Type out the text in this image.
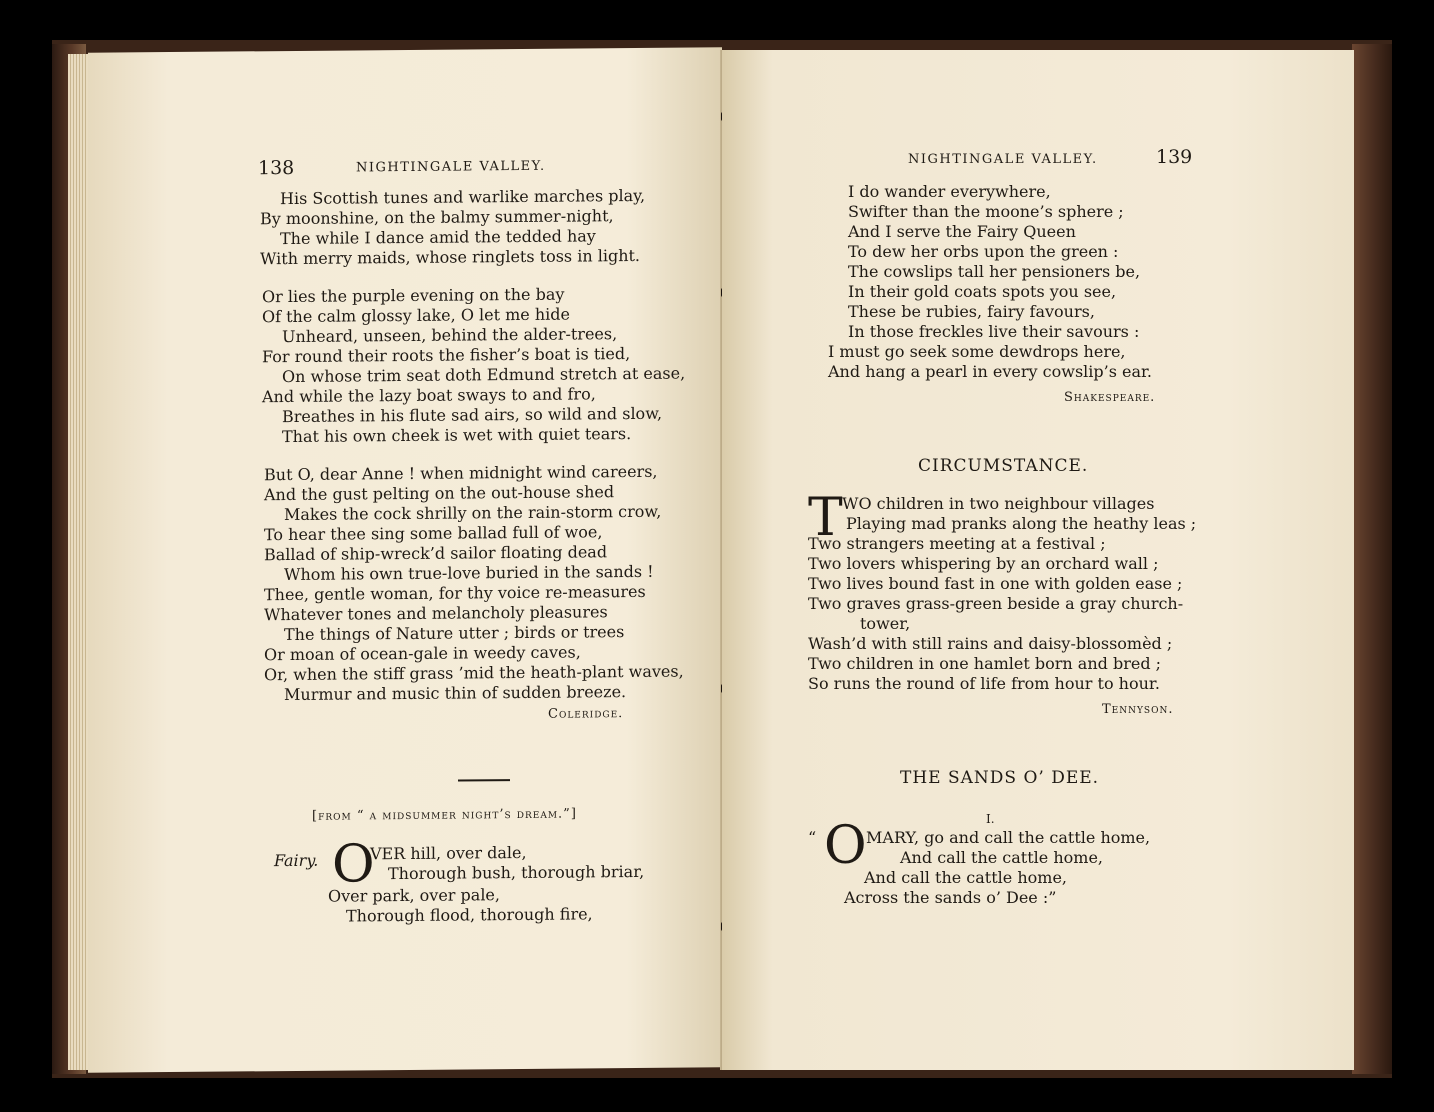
138	NIGHTINGALE VALLEY.
His Scottish tunes and warlike marches play,
By moonshine, on the balmy summer-night,
The while I dance amid the tedded hay
With merry maids, whose ringlets toss in light.
Or lies the purple evening on the bay
Of the calm glossy lake, O let me hide
Unheard, unseen, behind the alder-trees,
For round their roots the fisher’s boat is tied,
On whose trim seat doth Edmund stretch at ease,
And while the lazy boat sways to and fro,
Breathes in his flute sad airs, so wild and slow,
That his own cheek is wet with quiet tears.
But O, dear Anne ! when midnight wind careers,
And the gust pelting on the out-house shed
Makes the cock shrilly on the rain-storm crow,
To hear thee sing some ballad full of woe,
Ballad of ship-wreck’d sailor floating dead
Whom his own true-love buried in the sands !
Thee, gentle woman, for thy voice re-measures
Whatever tones and melancholy pleasures
The things of Nature utter ; birds or trees
Or moan of ocean-gale in weedy caves,
Or, when the stiff grass ’mid the heath-plant waves,
Murmur and music thin of sudden breeze.
Coleridge.
[from “ a midsummer night’s dream.”]
Fairy. O
VER hill, over dale,
Thorough bush, thorough briar,
Over park, over pale,
Thorough flood, thorough fire,
NIGHTINGALE VALLEY.	139
I do wander everywhere,
Swifter than the moone’s sphere ;
And I serve the Fairy Queen
To dew her orbs upon the green :
The cowslips tall her pensioners be,
In their gold coats spots you see,
These be rubies, fairy favours,
In those freckles live their savours :
I must go seek some dewdrops here,
And hang a pearl in every cowslip’s ear.
Shakespeare.
CIRCUMSTANCE.
T WO children in two neighbour villages
Playing mad pranks along the heathy leas ;
Two strangers meeting at a festival ;
Two lovers whispering by an orchard wall ;
Two lives bound fast in one with golden ease ;
Two graves grass-green beside a gray church-
tower,
Wash’d with still rains and daisy-blossomèd ;
Two children in one hamlet born and bred ;
So runs the round of life from hour to hour.
Tennyson.
THE SANDS O’ DEE.
I.
“ O MARY, go and call the cattle home,
And call the cattle home,
And call the cattle home,
Across the sands o’ Dee :”
